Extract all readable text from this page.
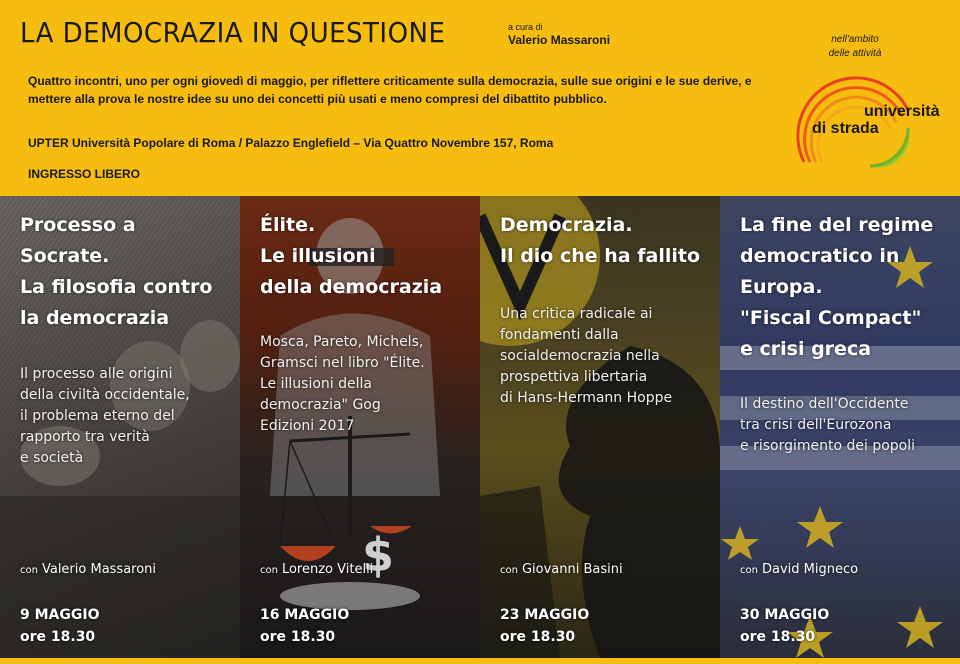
LA DEMOCRAZIA IN QUESTIONE	a cura di
Valerio Massaroni

Quattro incontri, uno per ogni giovedì di maggio, per riflettere criticamente sulla democrazia, sulle sue origini e le sue derive, e mettere alla prova le nostre idee su uno dei concetti più usati e meno compresi del dibattito pubblico.

UPTER Università Popolare di Roma / Palazzo Englefield – Via Quattro Novembre 157, Roma

INGRESSO LIBERO

nell'ambito
delle attività
università
di strada
Processo a
Socrate.
La filosofia contro
la democrazia

Il processo alle origini
della civiltà occidentale,
il problema eterno del
rapporto tra verità
e società

con Valerio Massaroni

9 MAGGIO
ore 18.30

$
Élite.
Le illusioni
della democrazia

Mosca, Pareto, Michels,
Gramsci nel libro "Élite.
Le illusioni della
democrazia" Gog
Edizioni 2017

con Lorenzo Vitelli

16 MAGGIO
ore 18.30

Democrazia.
Il dio che ha fallito

Una critica radicale ai
fondamenti dalla
socialdemocrazia nella
prospettiva libertaria
di Hans-Hermann Hoppe

con Giovanni Basini

23 MAGGIO
ore 18.30

La fine del regime
democratico in
Europa.
"Fiscal Compact"
e crisi greca

Il destino dell'Occidente
tra crisi dell'Eurozona
e risorgimento dei popoli

con David Migneco

30 MAGGIO
ore 18.30
